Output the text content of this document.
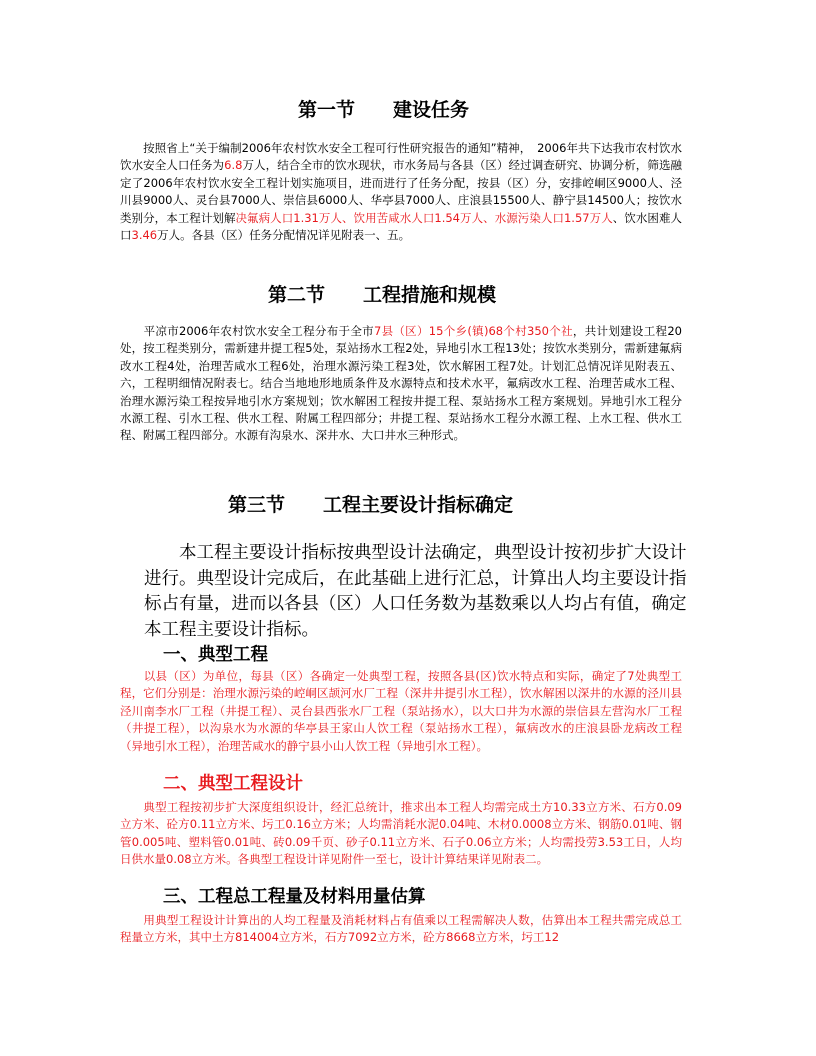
第一节　　建设任务

　　按照省上“关于编制2006年农村饮水安全工程可行性研究报告的通知”精神，　2006年共下达我市农村饮水饮水安全人口任务为6.8万人，结合全市的饮水现状，市水务局与各县（区）经过调查研究、协调分析，筛选融定了2006年农村饮水安全工程计划实施项目，进而进行了任务分配，按县（区）分，安排崆峒区9000人、泾川县9000人、灵台县7000人、崇信县6000人、华亭县7000人、庄浪县15500人、静宁县14500人；按饮水类别分，本工程计划解决氟病人口1.31万人、饮用苦咸水人口1.54万人、水源污染人口1.57万人、饮水困难人口3.46万人。各县（区）任务分配情况详见附表一、五。

第二节　　工程措施和规模

　　平凉市2006年农村饮水安全工程分布于全市7县（区）15个乡(镇)68个村350个社，共计划建设工程20处，按工程类别分，需新建井提工程5处，泵站扬水工程2处，异地引水工程13处；按饮水类别分，需新建氟病改水工程4处，治理苦咸水工程6处，治理水源污染工程3处，饮水解困工程7处。计划汇总情况详见附表五、六，工程明细情况附表七。结合当地地形地质条件及水源特点和技术水平，氟病改水工程、治理苦咸水工程、治理水源污染工程按异地引水方案规划；饮水解困工程按井提工程、泵站扬水工程方案规划。异地引水工程分水源工程、引水工程、供水工程、附属工程四部分；井提工程、泵站扬水工程分水源工程、上水工程、供水工程、附属工程四部分。水源有沟泉水、深井水、大口井水三种形式。

第三节　　工程主要设计指标确定

　　本工程主要设计指标按典型设计法确定，典型设计按初步扩大设计进行。典型设计完成后，在此基础上进行汇总，计算出人均主要设计指标占有量，进而以各县（区）人口任务数为基数乘以人均占有值，确定本工程主要设计指标。

一、典型工程

　　以县（区）为单位，每县（区）各确定一处典型工程，按照各县(区)饮水特点和实际，确定了7处典型工程，它们分别是：治理水源污染的崆峒区颉河水厂工程（深井井提引水工程），饮水解困以深井的水源的泾川县泾川南李水厂工程（井提工程）、灵台县西张水厂工程（泵站扬水），以大口井为水源的崇信县左营沟水厂工程（井提工程），以沟泉水为水源的华亭县王家山人饮工程（泵站扬水工程），氟病改水的庄浪县卧龙病改工程（异地引水工程），治理苦咸水的静宁县小山人饮工程（异地引水工程）。

二、典型工程设计

　　典型工程按初步扩大深度组织设计，经汇总统计，推求出本工程人均需完成土方10.33立方米、石方0.09立方米、砼方0.11立方米、圬工0.16立方米；人均需消耗水泥0.04吨、木材0.0008立方米、钢筋0.01吨、钢管0.005吨、塑料管0.01吨、砖0.09千页、砂子0.11立方米、石子0.06立方米；人均需投劳3.53工日，人均日供水量0.08立方米。各典型工程设计详见附件一至七，设计计算结果详见附表二。

三、工程总工程量及材料用量估算

　　用典型工程设计计算出的人均工程量及消耗材料占有值乘以工程需解决人数，估算出本工程共需完成总工程量立方米，其中土方814004立方米，石方7092立方米，砼方8668立方米，圬工12
